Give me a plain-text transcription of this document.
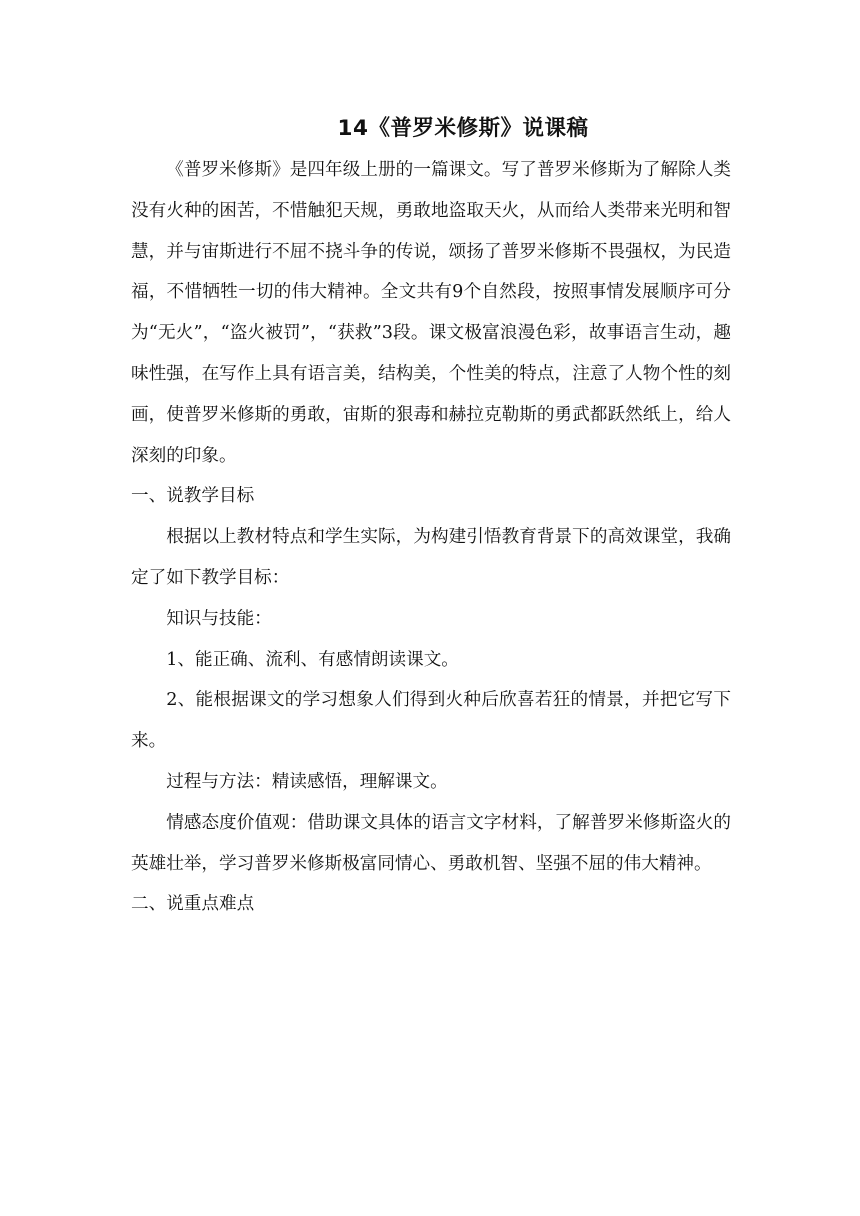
14《普罗米修斯》说课稿

《普罗米修斯》是四年级上册的一篇课文。写了普罗米修斯为了解除人类没有火种的困苦，不惜触犯天规，勇敢地盗取天火，从而给人类带来光明和智慧，并与宙斯进行不屈不挠斗争的传说，颂扬了普罗米修斯不畏强权，为民造福，不惜牺牲一切的伟大精神。全文共有9个自然段，按照事情发展顺序可分为“无火”，“盗火被罚”，“获救”3段。课文极富浪漫色彩，故事语言生动，趣味性强，在写作上具有语言美，结构美，个性美的特点，注意了人物个性的刻画，使普罗米修斯的勇敢，宙斯的狠毒和赫拉克勒斯的勇武都跃然纸上，给人深刻的印象。

一、说教学目标

根据以上教材特点和学生实际，为构建引悟教育背景下的高效课堂，我确定了如下教学目标：

知识与技能：

1、能正确、流利、有感情朗读课文。

2、能根据课文的学习想象人们得到火种后欣喜若狂的情景，并把它写下来。

过程与方法：精读感悟，理解课文。

情感态度价值观：借助课文具体的语言文字材料，了解普罗米修斯盗火的英雄壮举，学习普罗米修斯极富同情心、勇敢机智、坚强不屈的伟大精神。

二、说重点难点
